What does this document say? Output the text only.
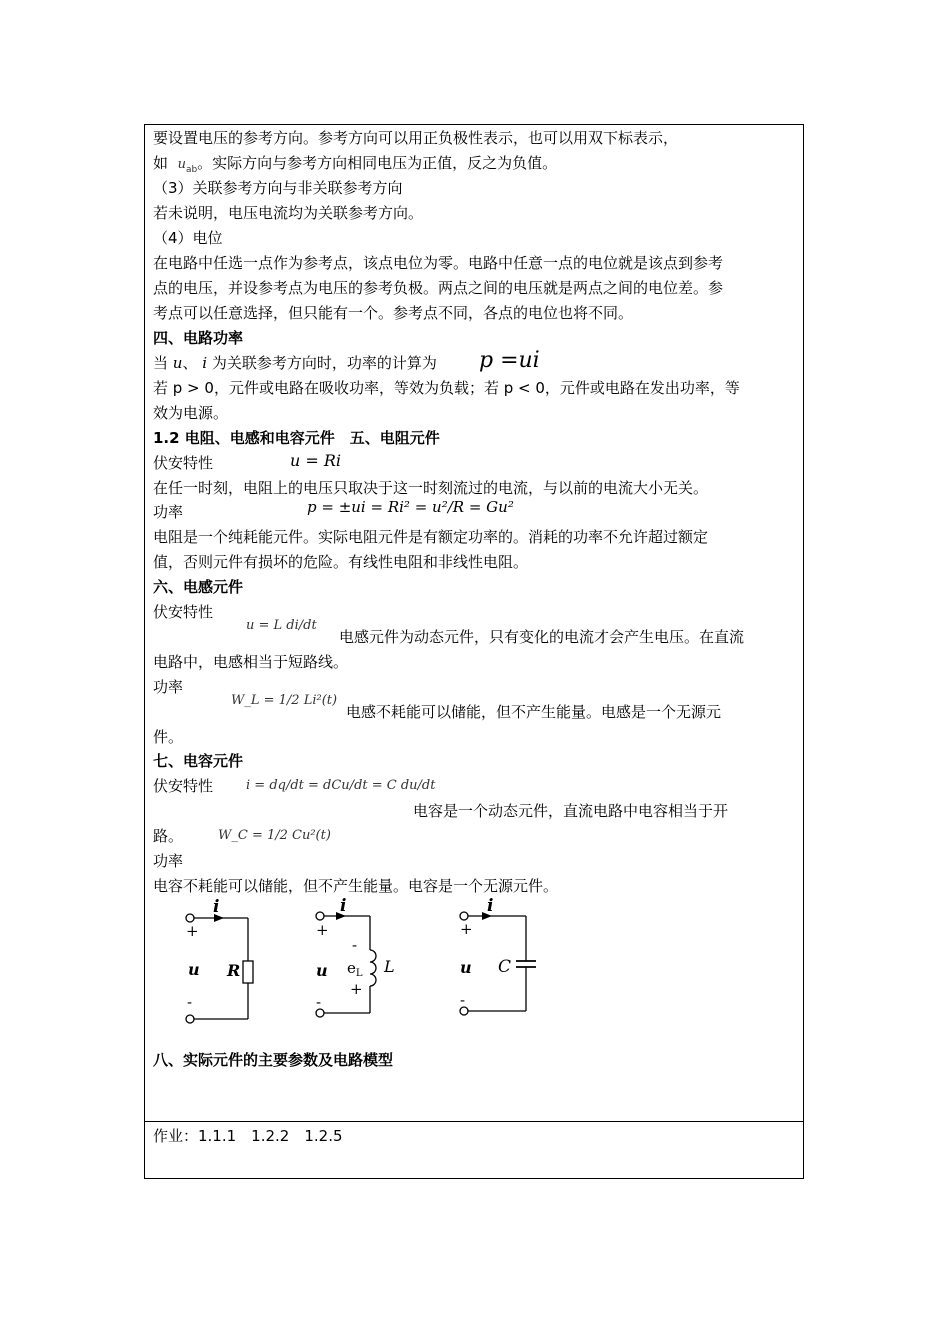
要设置电压的参考方向。参考方向可以用正负极性表示，也可以用双下标表示，
如 $u_{ab}$。实际方向与参考方向相同电压为正值，反之为负值。
（3）关联参考方向与非关联参考方向
若未说明，电压电流均为关联参考方向。
（4）电位
在电路中任选一点作为参考点，该点电位为零。电路中任意一点的电位就是该点到参考
点的电压，并设参考点为电压的参考负极。两点之间的电压就是两点之间的电位差。参
考点可以任意选择，但只能有一个。参考点不同，各点的电位也将不同。
四、电路功率
当 u、 i 为关联参考方向时，功率的计算为 p =ui
若 p > 0，元件或电路在吸收功率，等效为负载；若 p < 0，元件或电路在发出功率，等
效为电源。
1.2 电阻、电感和电容元件　五、电阻元件
伏安特性	u = Ri
在任一时刻，电阻上的电压只取决于这一时刻流过的电流，与以前的电流大小无关。
功率	p = ±ui = Ri² = u²/R = Gu²
电阻是一个纯耗能元件。实际电阻元件是有额定功率的。消耗的功率不允许超过额定
值，否则元件有损坏的危险。有线性电阻和非线性电阻。
六、电感元件
伏安特性
u = L di/dt
电感元件为动态元件，只有变化的电流才会产生电压。在直流
电路中，电感相当于短路线。
功率
W_L = 1/2 Li²(t)
电感不耗能可以储能，但不产生能量。电感是一个无源元
件。
七、电容元件
伏安特性	i = dq/dt = dCu/dt = C du/dt
电容是一个动态元件，直流电路中电容相当于开
路。	W_C = 1/2 Cu²(t)
功率
电容不耗能可以储能，但不产生能量。电容是一个无源元件。
i
+
u
-
R
i
+
u
-
-
$e_L$
+
L
i
+
u
-
C
八、实际元件的主要参数及电路模型
作业：1.1.1　1.2.2　1.2.5
